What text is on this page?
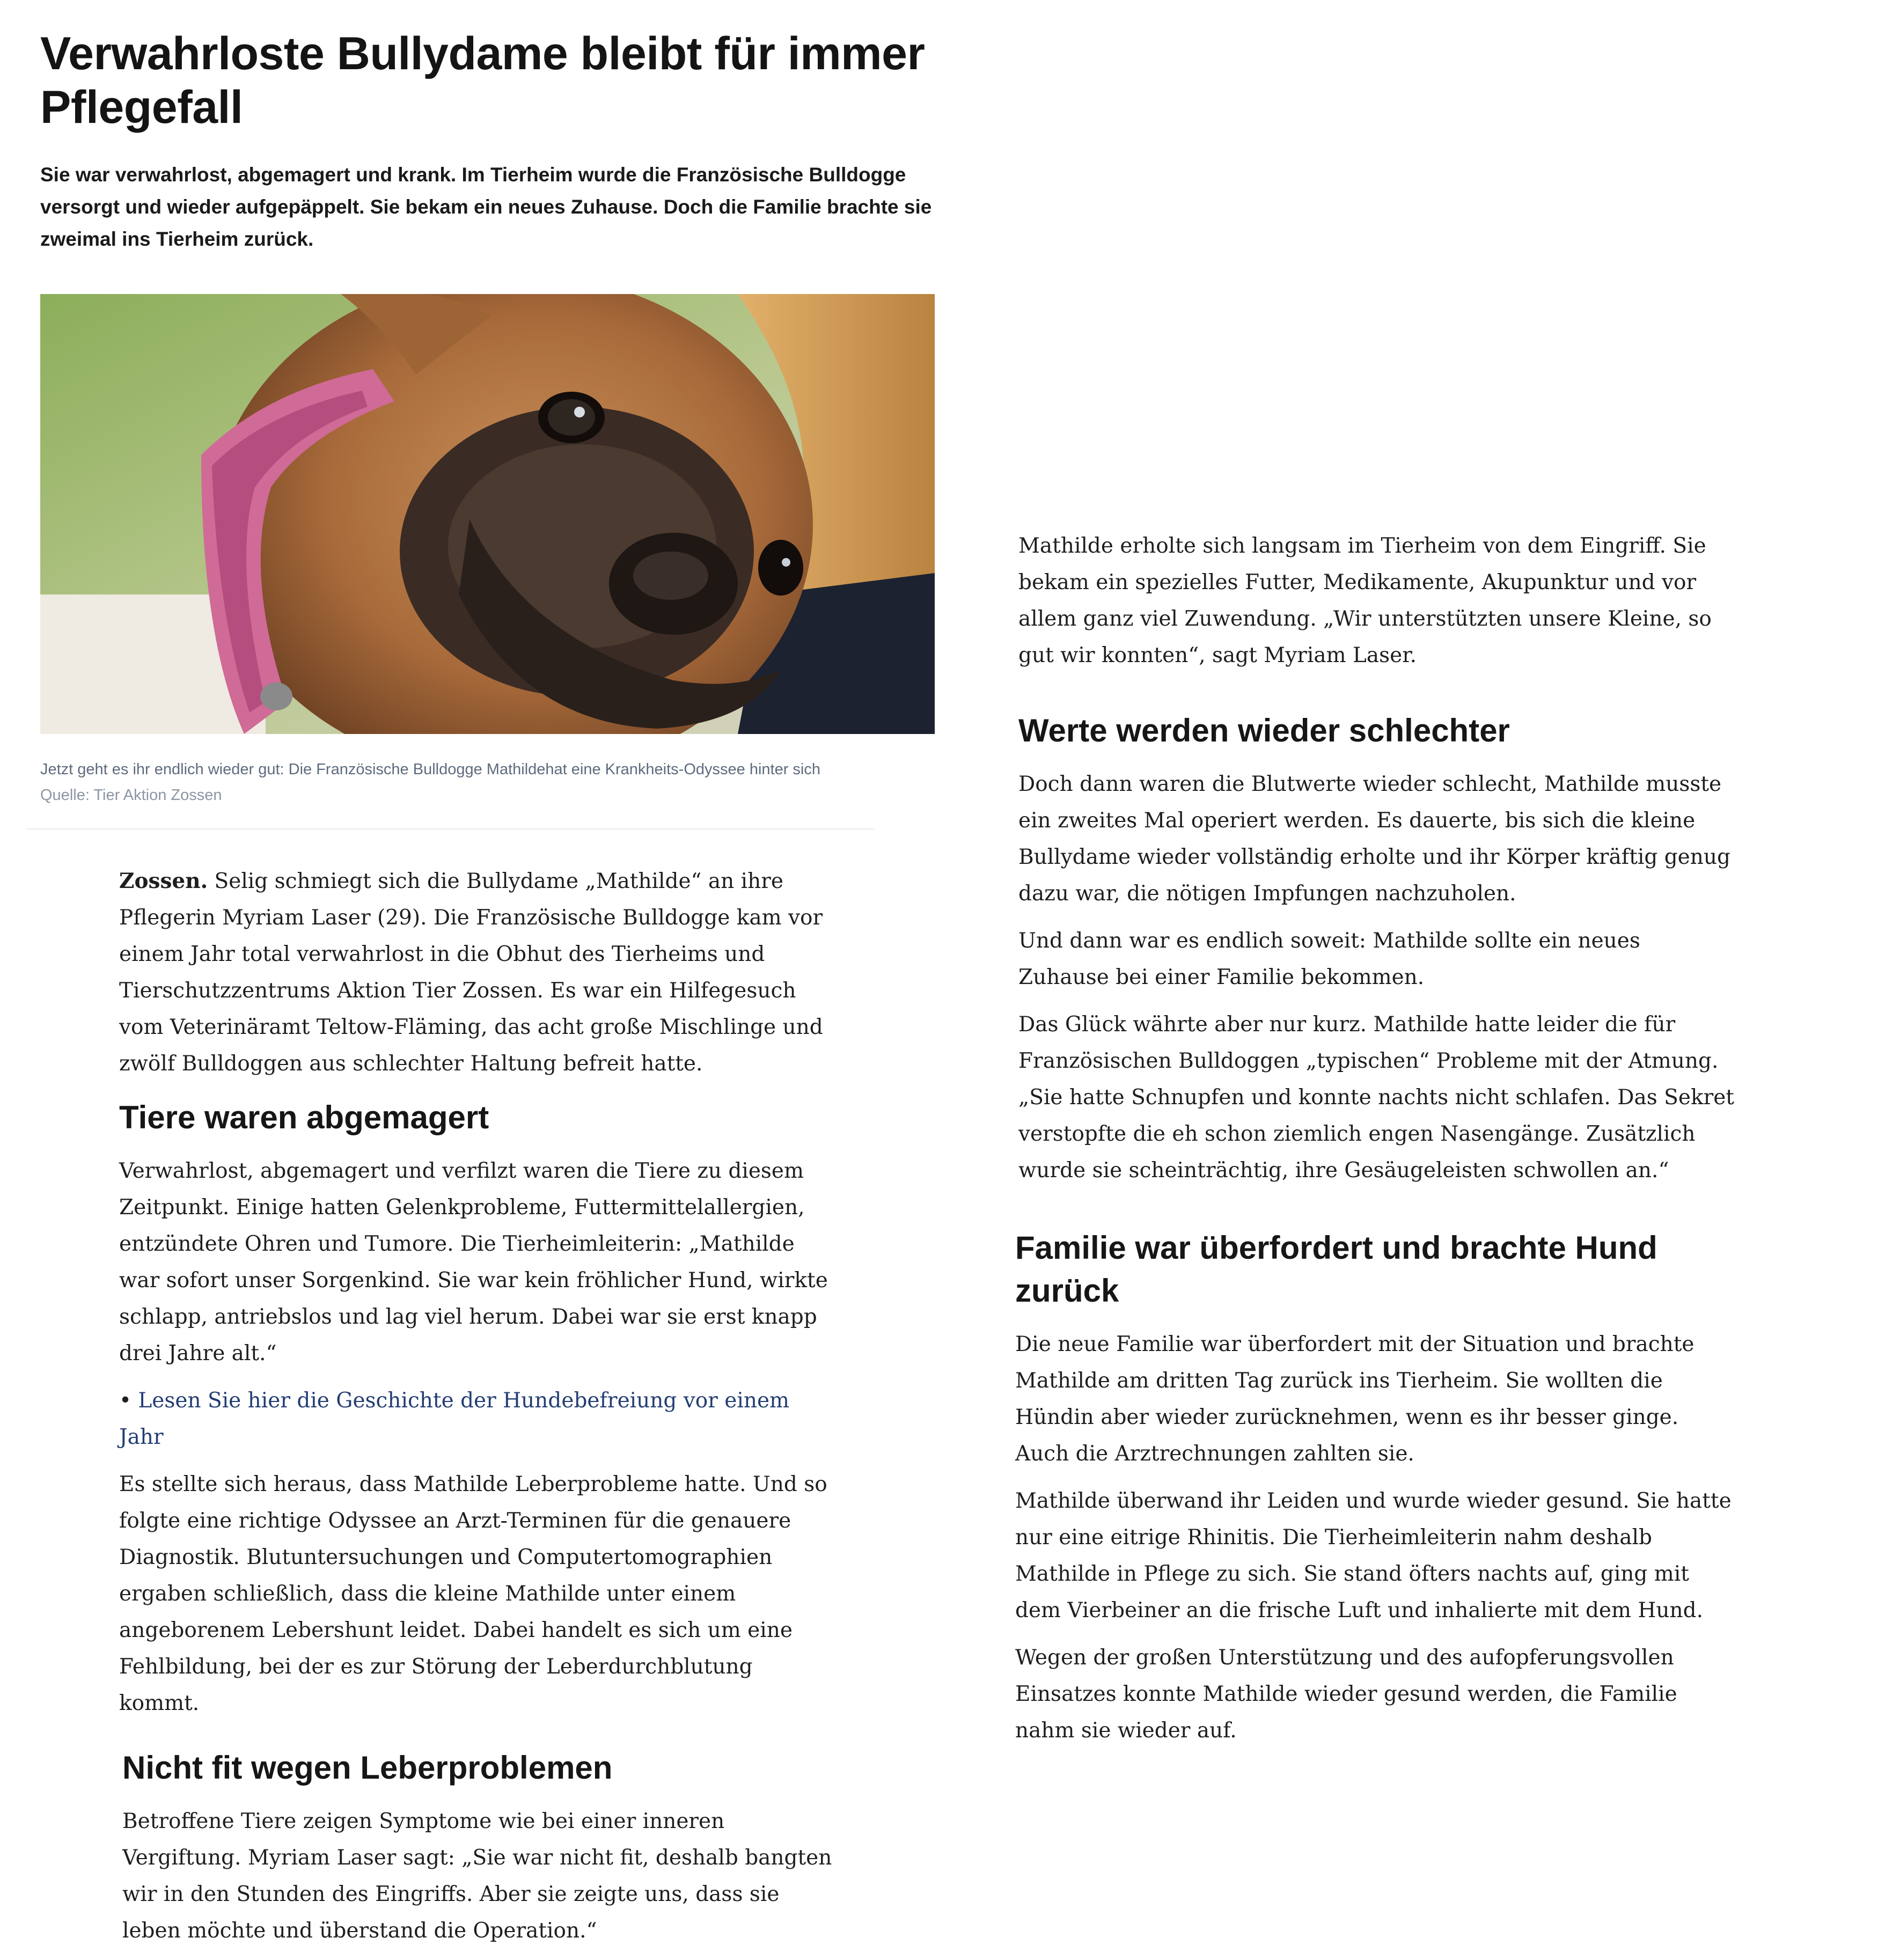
Verwahrloste Bullydame bleibt für immer Pflegefall

Sie war verwahrlost, abgemagert und krank. Im Tierheim wurde die Französische Bulldogge versorgt und wieder aufgepäppelt. Sie bekam ein neues Zuhause. Doch die Familie brachte sie zweimal ins Tierheim zurück.

Jetzt geht es ihr endlich wieder gut: Die Französische Bulldogge Mathildehat eine Krankheits-Odyssee hinter sich

Quelle: Tier Aktion Zossen

Zossen. Selig schmiegt sich die Bullydame „Mathilde“ an ihre Pflegerin Myriam Laser (29). Die Französische Bulldogge kam vor einem Jahr total verwahrlost in die Obhut des Tierheims und Tierschutzzentrums Aktion Tier Zossen. Es war ein Hilfegesuch vom Veterinäramt Teltow-Fläming, das acht große Mischlinge und zwölf Bulldoggen aus schlechter Haltung befreit hatte.

Tiere waren abgemagert

Verwahrlost, abgemagert und verfilzt waren die Tiere zu diesem Zeitpunkt. Einige hatten Gelenkprobleme, Futtermittelallergien, entzündete Ohren und Tumore. Die Tierheimleiterin: „Mathilde war sofort unser Sorgenkind. Sie war kein fröhlicher Hund, wirkte schlapp, antriebslos und lag viel herum. Dabei war sie erst knapp drei Jahre alt.“

• Lesen Sie hier die Geschichte der Hundebefreiung vor einem Jahr

Es stellte sich heraus, dass Mathilde Leberprobleme hatte. Und so folgte eine richtige Odyssee an Arzt-Terminen für die genauere Diagnostik. Blutuntersuchungen und Computertomographien ergaben schließlich, dass die kleine Mathilde unter einem angeborenem Lebershunt leidet. Dabei handelt es sich um eine Fehlbildung, bei der es zur Störung der Leberdurchblutung kommt.

Nicht fit wegen Leberproblemen

Betroffene Tiere zeigen Symptome wie bei einer inneren Vergiftung. Myriam Laser sagt: „Sie war nicht fit, deshalb bangten wir in den Stunden des Eingriffs. Aber sie zeigte uns, dass sie leben möchte und überstand die Operation.“

Mathilde erholte sich langsam im Tierheim von dem Eingriff. Sie bekam ein spezielles Futter, Medikamente, Akupunktur und vor allem ganz viel Zuwendung. „Wir unterstützten unsere Kleine, so gut wir konnten“, sagt Myriam Laser.

Werte werden wieder schlechter

Doch dann waren die Blutwerte wieder schlecht, Mathilde musste ein zweites Mal operiert werden. Es dauerte, bis sich die kleine Bullydame wieder vollständig erholte und ihr Körper kräftig genug dazu war, die nötigen Impfungen nachzuholen.

Und dann war es endlich soweit: Mathilde sollte ein neues Zuhause bei einer Familie bekommen.

Das Glück währte aber nur kurz. Mathilde hatte leider die für Französischen Bulldoggen „typischen“ Probleme mit der Atmung. „Sie hatte Schnupfen und konnte nachts nicht schlafen. Das Sekret verstopfte die eh schon ziemlich engen Nasengänge. Zusätzlich wurde sie scheinträchtig, ihre Gesäugeleisten schwollen an.“

Familie war überfordert und brachte Hund zurück

Die neue Familie war überfordert mit der Situation und brachte Mathilde am dritten Tag zurück ins Tierheim. Sie wollten die Hündin aber wieder zurücknehmen, wenn es ihr besser ginge. Auch die Arztrechnungen zahlten sie.

Mathilde überwand ihr Leiden und wurde wieder gesund. Sie hatte nur eine eitrige Rhinitis. Die Tierheimleiterin nahm deshalb Mathilde in Pflege zu sich. Sie stand öfters nachts auf, ging mit dem Vierbeiner an die frische Luft und inhalierte mit dem Hund.

Wegen der großen Unterstützung und des aufopferungsvollen Einsatzes konnte Mathilde wieder gesund werden, die Familie nahm sie wieder auf.
